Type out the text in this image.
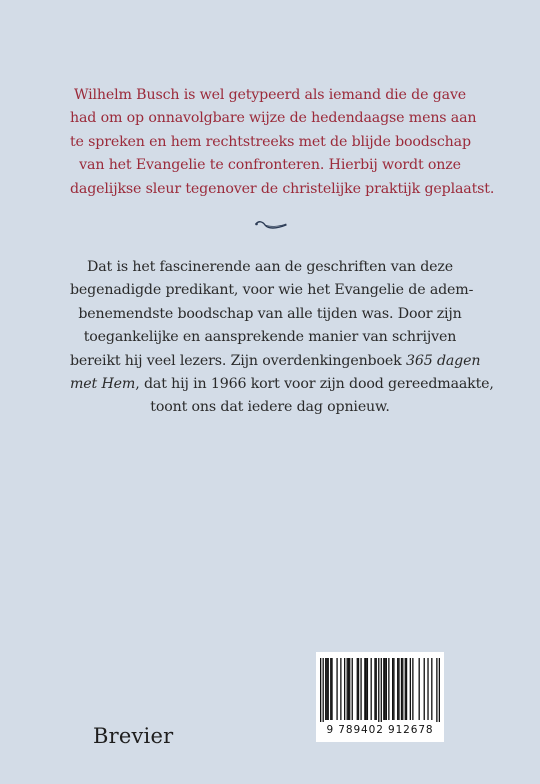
Wilhelm Busch is wel getypeerd als iemand die de gave
had om op onnavolgbare wijze de hedendaagse mens aan
te spreken en hem rechtstreeks met de blijde boodschap
van het Evangelie te confronteren. Hierbij wordt onze
dagelijkse sleur tegenover de christelijke praktijk geplaatst.
Dat is het fascinerende aan de geschriften van deze
begenadigde predikant, voor wie het Evangelie de adem-
benemendste boodschap van alle tijden was. Door zijn
toegankelijke en aansprekende manier van schrijven
bereikt hij veel lezers. Zijn overdenkingenboek 365 dagen
met Hem, dat hij in 1966 kort voor zijn dood gereedmaakte,
toont ons dat iedere dag opnieuw.
Brevier	9 789402 912678
